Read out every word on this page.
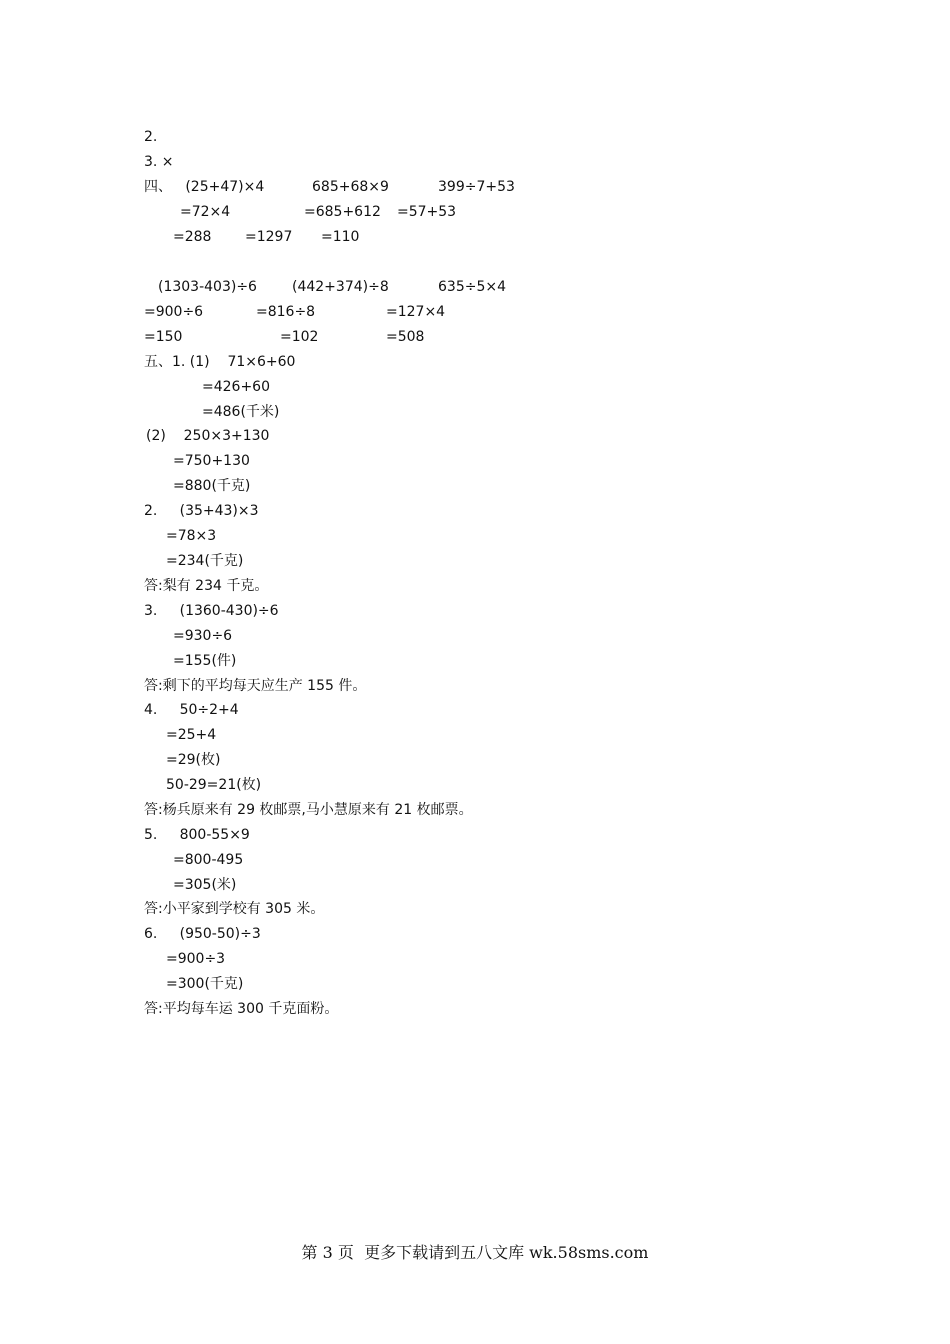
2.
3. ×
四、   (25+47)×4	685+68×9	399÷7+53
=72×4	=685+612 =57+53
=288 =1297 =110
(1303-403)÷6	(442+374)÷8	635÷5×4
=900÷6	=816÷8	=127×4
=150	=102	=508
五、1. (1)    71×6+60
=426+60
=486(千米)
(2)    250×3+130
=750+130
=880(千克)
2.     (35+43)×3
=78×3
=234(千克)
答:梨有 234 千克。
3.     (1360-430)÷6
=930÷6
=155(件)
答:剩下的平均每天应生产 155 件。
4.     50÷2+4
=25+4
=29(枚)
50-29=21(枚)
答:杨兵原来有 29 枚邮票,马小慧原来有 21 枚邮票。
5.     800-55×9
=800-495
=305(米)
答:小平家到学校有 305 米。
6.     (950-50)÷3
=900÷3
=300(千克)
答:平均每车运 300 千克面粉。
第 3 页  更多下载请到五八文库 wk.58sms.com
